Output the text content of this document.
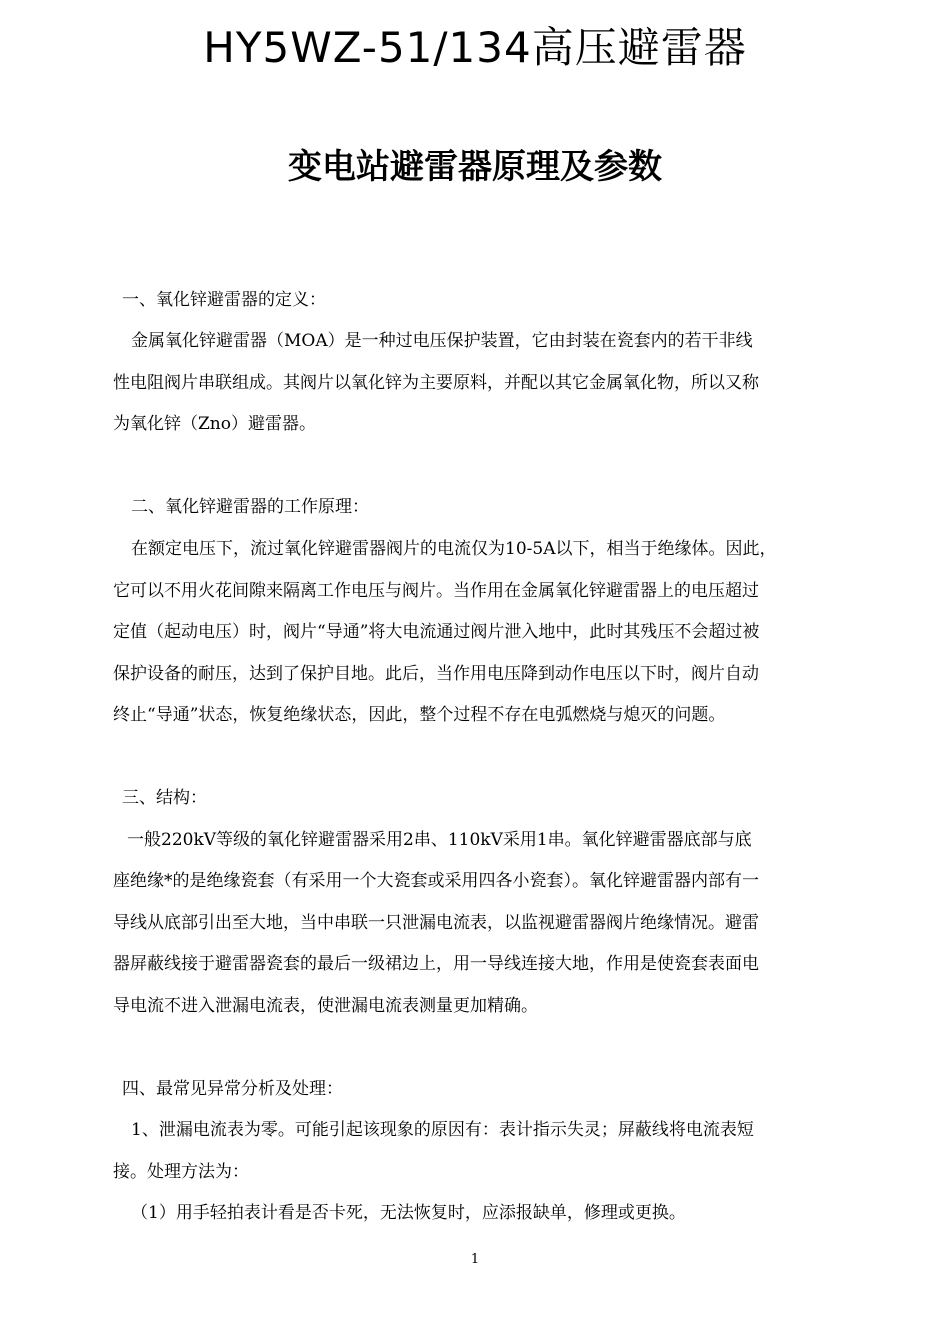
HY5WZ-51/134高压避雷器
变电站避雷器原理及参数
一、氧化锌避雷器的定义：
金属氧化锌避雷器（MOA）是一种过电压保护装置，它由封装在瓷套内的若干非线
性电阻阀片串联组成。其阀片以氧化锌为主要原料，并配以其它金属氧化物，所以又称
为氧化锌（Zno）避雷器。
二、氧化锌避雷器的工作原理：
在额定电压下，流过氧化锌避雷器阀片的电流仅为10-5A以下，相当于绝缘体。因此，
它可以不用火花间隙来隔离工作电压与阀片。当作用在金属氧化锌避雷器上的电压超过
定值（起动电压）时，阀片“导通”将大电流通过阀片泄入地中，此时其残压不会超过被
保护设备的耐压，达到了保护目地。此后，当作用电压降到动作电压以下时，阀片自动
终止“导通”状态，恢复绝缘状态，因此，整个过程不存在电弧燃烧与熄灭的问题。
三、结构：
一般220kV等级的氧化锌避雷器采用2串、110kV采用1串。氧化锌避雷器底部与底
座绝缘*的是绝缘瓷套（有采用一个大瓷套或采用四各小瓷套）。氧化锌避雷器内部有一
导线从底部引出至大地，当中串联一只泄漏电流表，以监视避雷器阀片绝缘情况。避雷
器屏蔽线接于避雷器瓷套的最后一级裙边上，用一导线连接大地，作用是使瓷套表面电
导电流不进入泄漏电流表，使泄漏电流表测量更加精确。
四、最常见异常分析及处理：
1、泄漏电流表为零。可能引起该现象的原因有：表计指示失灵；屏蔽线将电流表短
接。处理方法为：
（1）用手轻拍表计看是否卡死，无法恢复时，应添报缺单，修理或更换。
1
